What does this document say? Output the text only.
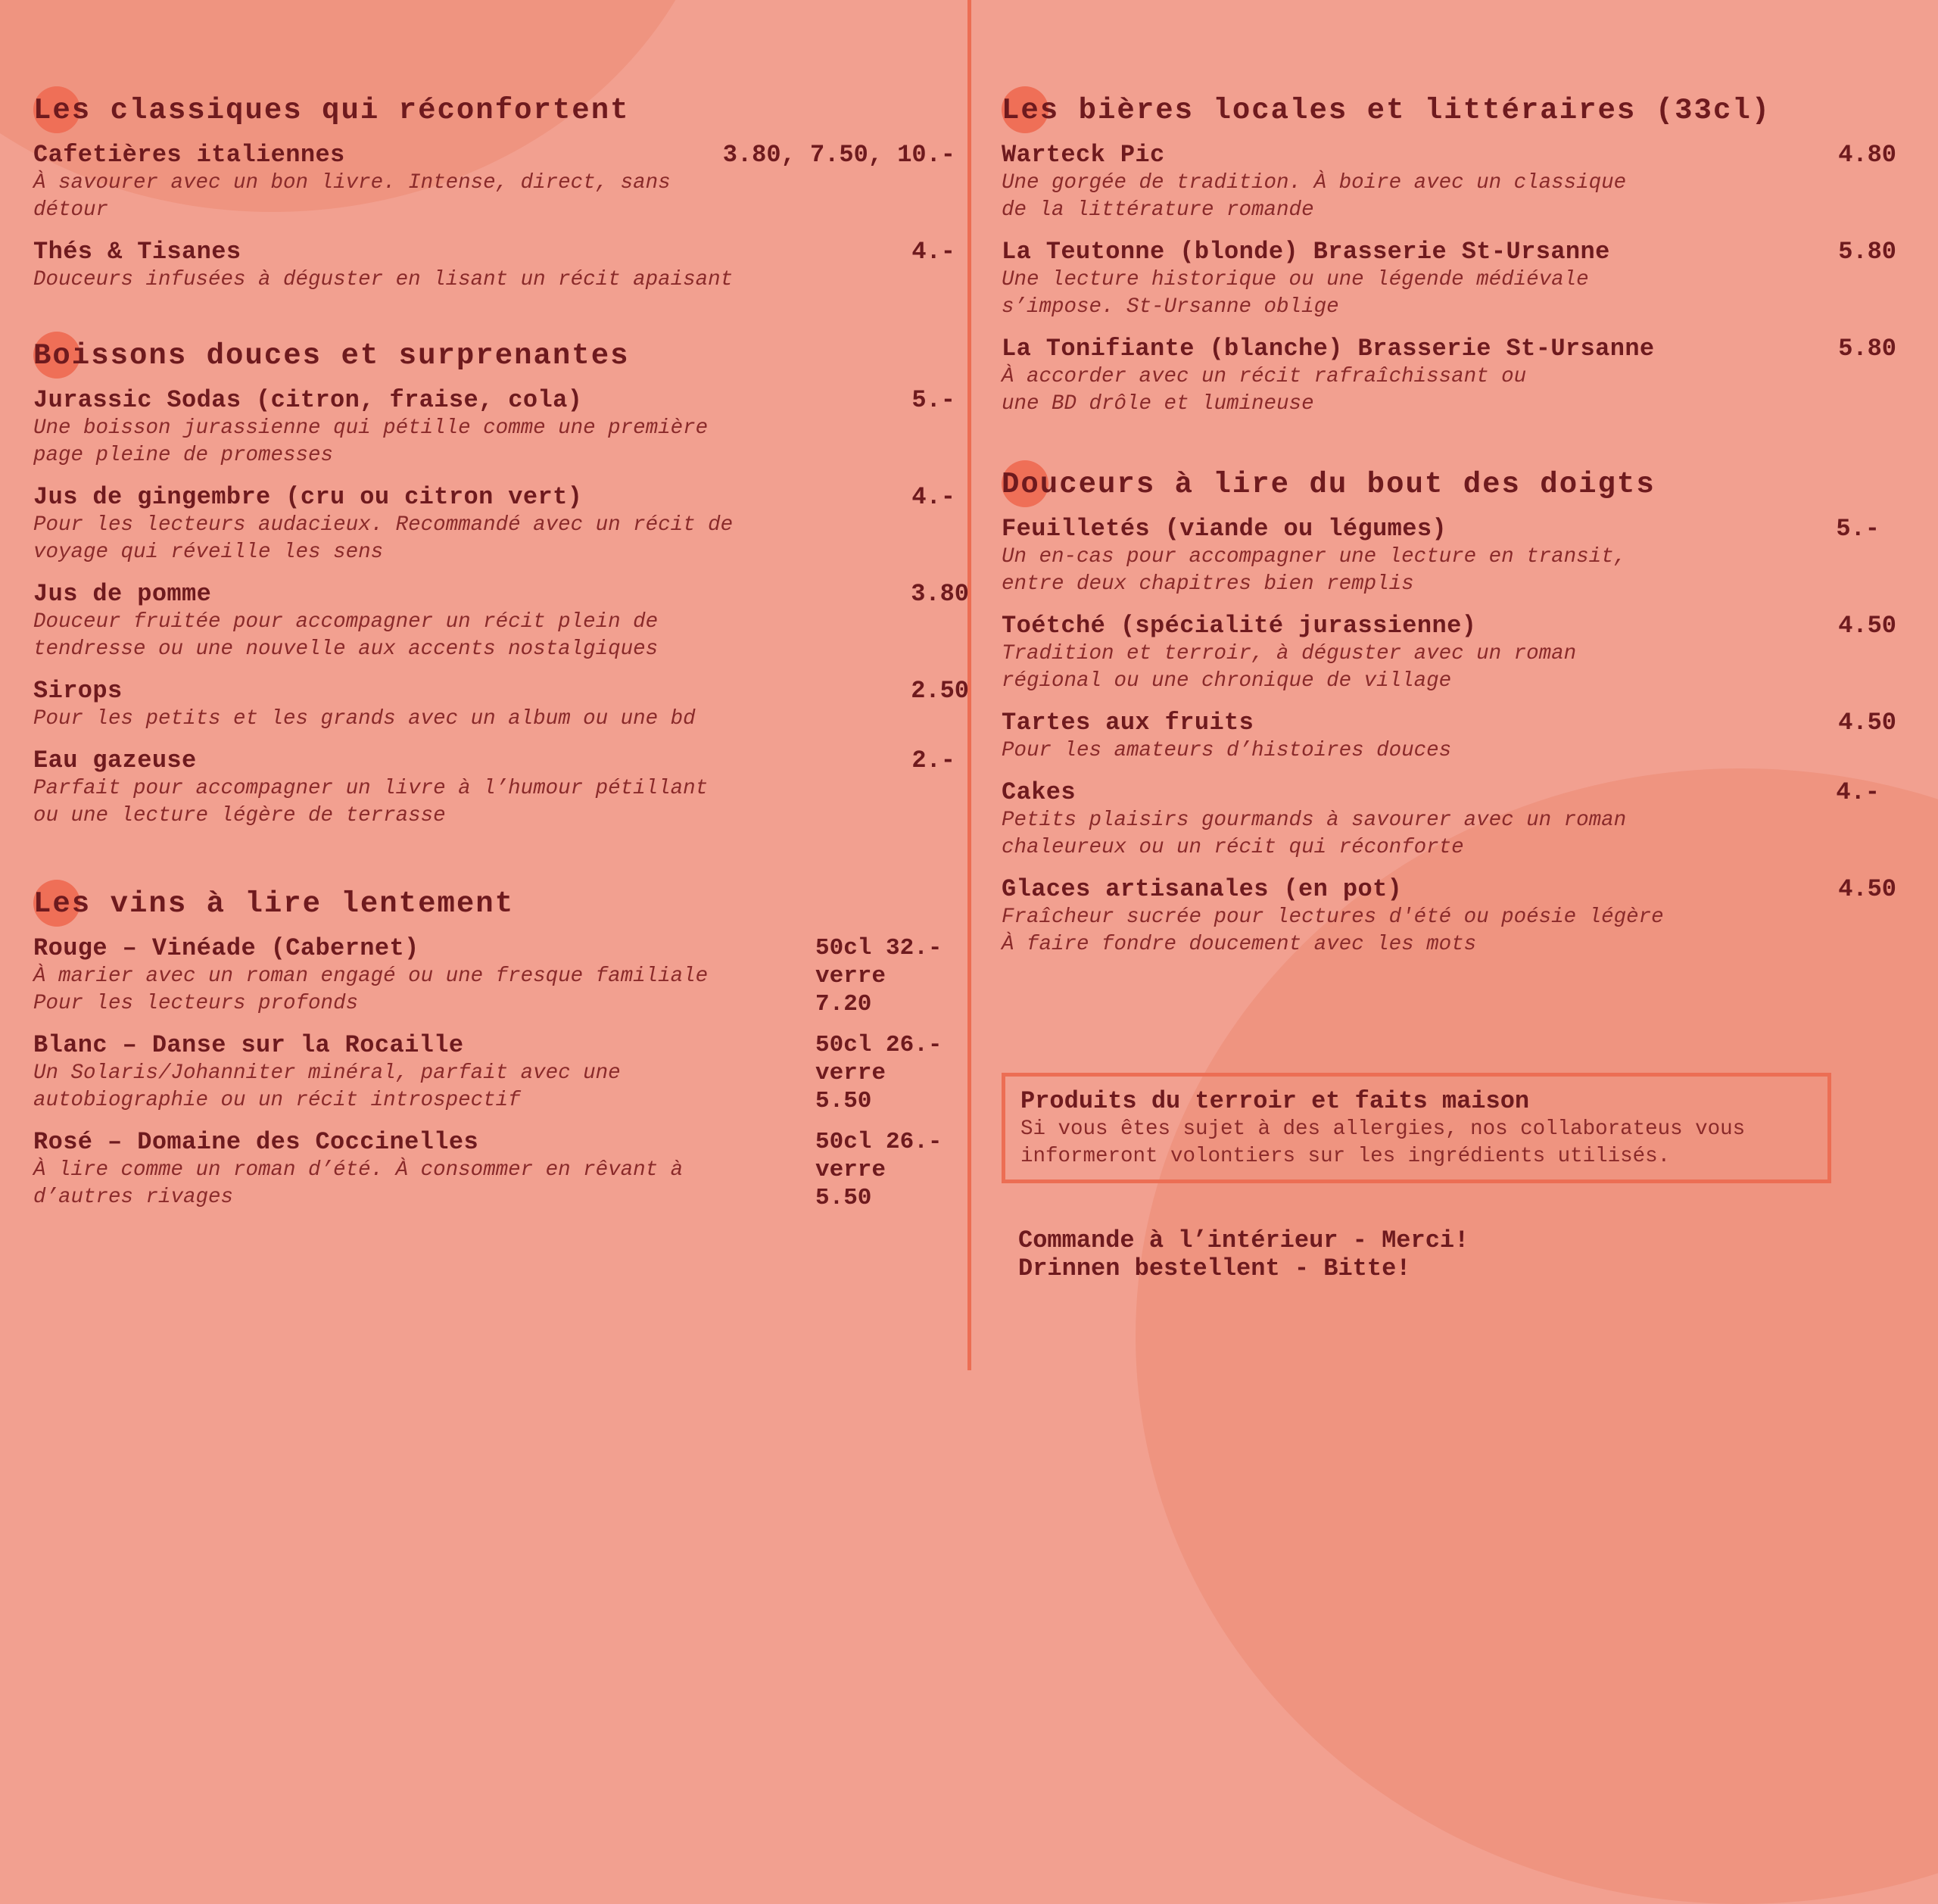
Les classiques qui réconfortent
Cafetières italiennes	3.80, 7.50, 10.-
À savourer avec un bon livre. Intense, direct, sans
détour
Thés & Tisanes	4.-
Douceurs infusées à déguster en lisant un récit apaisant
Boissons douces et surprenantes
Jurassic Sodas (citron, fraise, cola)	5.-
Une boisson jurassienne qui pétille comme une première
page pleine de promesses
Jus de gingembre (cru ou citron vert)	4.-
Pour les lecteurs audacieux. Recommandé avec un récit de
voyage qui réveille les sens
Jus de pomme	3.80
Douceur fruitée pour accompagner un récit plein de
tendresse ou une nouvelle aux accents nostalgiques
Sirops	2.50
Pour les petits et les grands avec un album ou une bd
Eau gazeuse	2.-
Parfait pour accompagner un livre à l’humour pétillant
ou une lecture légère de terrasse
Les vins à lire lentement
Rouge – Vinéade (Cabernet)
À marier avec un roman engagé ou une fresque familiale
Pour les lecteurs profonds
50cl 32.-
verre 7.20
Blanc – Danse sur la Rocaille
Un Solaris/Johanniter minéral, parfait avec une
autobiographie ou un récit introspectif
50cl 26.-
verre 5.50
Rosé – Domaine des Coccinelles
À lire comme un roman d’été. À consommer en rêvant à
d’autres rivages
50cl 26.-
verre 5.50
Les bières locales et littéraires (33cl)
Warteck Pic	4.80
Une gorgée de tradition. À boire avec un classique
de la littérature romande
La Teutonne (blonde) Brasserie St-Ursanne	5.80
Une lecture historique ou une légende médiévale
s’impose. St-Ursanne oblige
La Tonifiante (blanche) Brasserie St-Ursanne	5.80
À accorder avec un récit rafraîchissant ou
une BD drôle et lumineuse
Douceurs à lire du bout des doigts
Feuilletés (viande ou légumes)	5.-
Un en-cas pour accompagner une lecture en transit,
entre deux chapitres bien remplis
Toétché (spécialité jurassienne)	4.50
Tradition et terroir, à déguster avec un roman
régional ou une chronique de village
Tartes aux fruits	4.50
Pour les amateurs d’histoires douces
Cakes	4.-
Petits plaisirs gourmands à savourer avec un roman
chaleureux ou un récit qui réconforte
Glaces artisanales (en pot)	4.50
Fraîcheur sucrée pour lectures d'été ou poésie légère
À faire fondre doucement avec les mots
Produits du terroir et faits maison
Si vous êtes sujet à des allergies, nos collaborateus vous
informeront volontiers sur les ingrédients utilisés.
Commande à l’intérieur - Merci!
Drinnen bestellent - Bitte!
